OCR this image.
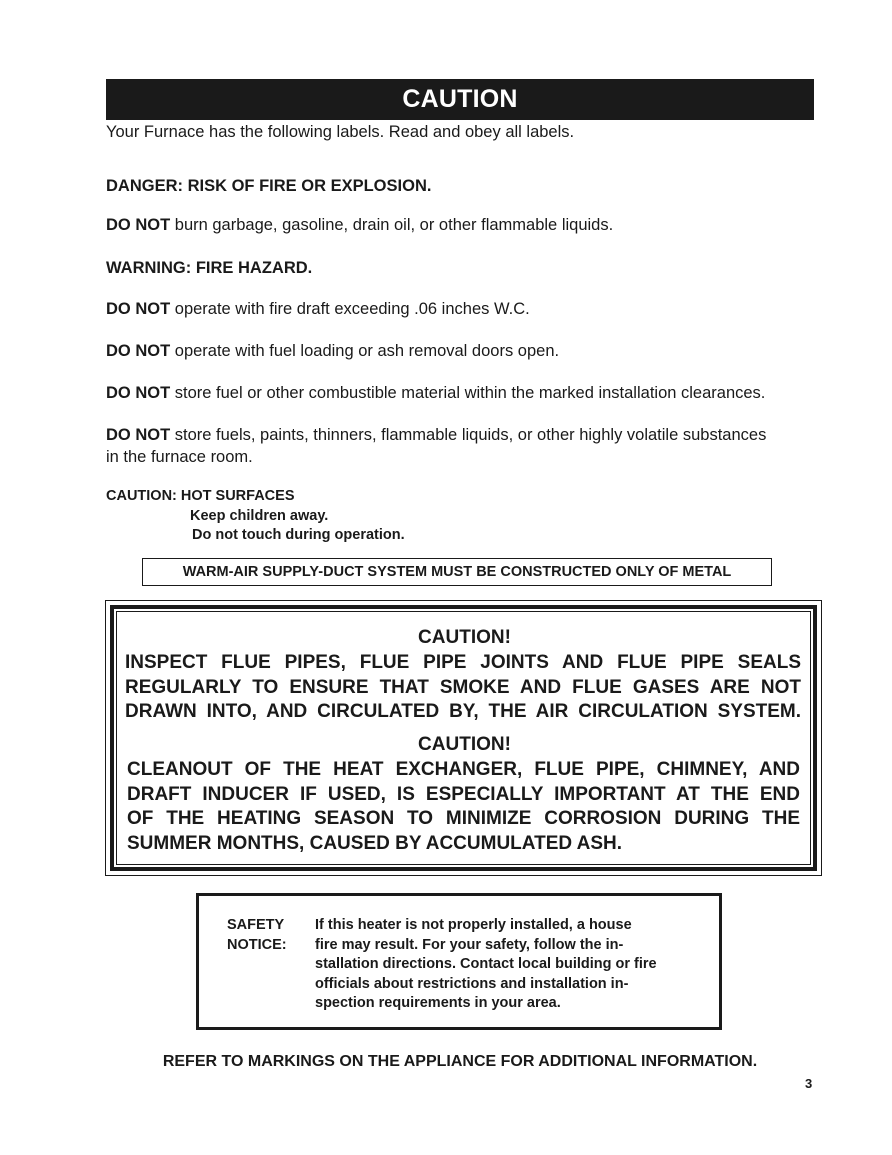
CAUTION
Your Furnace has the following labels. Read and obey all labels.
DANGER: RISK OF FIRE OR EXPLOSION.
DO NOT burn garbage, gasoline, drain oil, or other flammable liquids.
WARNING: FIRE HAZARD.
DO NOT operate with fire draft exceeding .06 inches W.C.
DO NOT operate with fuel loading or ash removal doors open.
DO NOT store fuel or other combustible material within the marked installation clearances.
DO NOT store fuels, paints, thinners, flammable liquids, or other highly volatile substances
in the furnace room.
CAUTION: HOT SURFACES
Keep children away.
Do not touch during operation.
WARM-AIR SUPPLY-DUCT SYSTEM MUST BE CONSTRUCTED ONLY OF METAL
CAUTION!
INSPECT FLUE PIPES, FLUE PIPE JOINTS AND FLUE PIPE SEALS
REGULARLY TO ENSURE THAT SMOKE AND FLUE GASES ARE NOT
DRAWN INTO, AND CIRCULATED BY, THE AIR CIRCULATION SYSTEM.
CAUTION!
CLEANOUT OF THE HEAT EXCHANGER, FLUE PIPE, CHIMNEY, AND
DRAFT INDUCER IF USED, IS ESPECIALLY IMPORTANT AT THE END
OF THE HEATING SEASON TO MINIMIZE CORROSION DURING THE
SUMMER MONTHS, CAUSED BY ACCUMULATED ASH.
SAFETY
NOTICE:
If this heater is not properly installed, a house
fire may result. For your safety, follow the in-
stallation directions. Contact local building or fire
officials about restrictions and installation in-
spection requirements in your area.
REFER TO MARKINGS ON THE APPLIANCE FOR ADDITIONAL INFORMATION.
3
